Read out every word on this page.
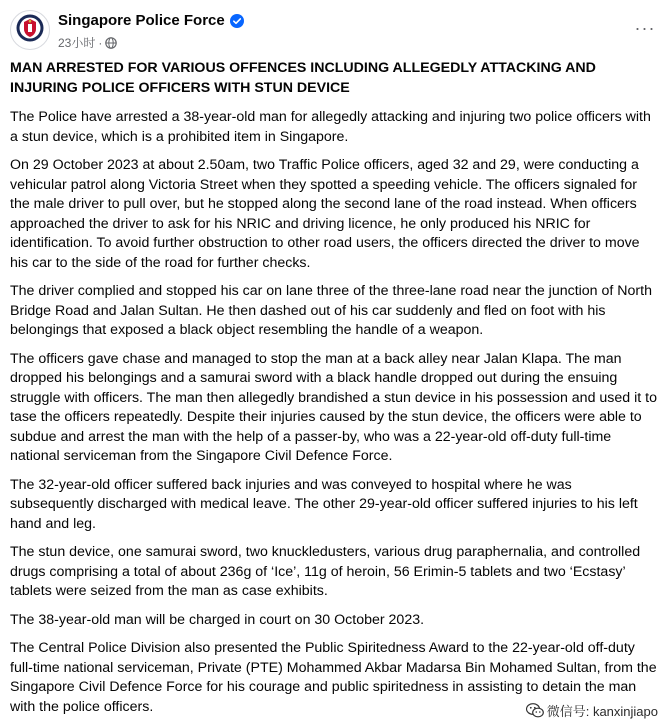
Singapore Police Force
23小时 ·
···
MAN ARRESTED FOR VARIOUS OFFENCES INCLUDING ALLEGEDLY ATTACKING AND INJURING POLICE OFFICERS WITH STUN DEVICE

The Police have arrested a 38-year-old man for allegedly attacking and injuring two police officers with a stun device, which is a prohibited item in Singapore.

On 29 October 2023 at about 2.50am, two Traffic Police officers, aged 32 and 29, were conducting a vehicular patrol along Victoria Street when they spotted a speeding vehicle. The officers signaled for the male driver to pull over, but he stopped along the second lane of the road instead. When officers approached the driver to ask for his NRIC and driving licence, he only produced his NRIC for identification. To avoid further obstruction to other road users, the officers directed the driver to move his car to the side of the road for further checks.

The driver complied and stopped his car on lane three of the three-lane road near the junction of North Bridge Road and Jalan Sultan. He then dashed out of his car suddenly and fled on foot with his belongings that exposed a black object resembling the handle of a weapon.

The officers gave chase and managed to stop the man at a back alley near Jalan Klapa. The man dropped his belongings and a samurai sword with a black handle dropped out during the ensuing struggle with officers. The man then allegedly brandished a stun device in his possession and used it to tase the officers repeatedly. Despite their injuries caused by the stun device, the officers were able to subdue and arrest the man with the help of a passer-by, who was a 22-year-old off-duty full-time national serviceman from the Singapore Civil Defence Force.

The 32-year-old officer suffered back injuries and was conveyed to hospital where he was subsequently discharged with medical leave. The other 29-year-old officer suffered injuries to his left hand and leg.

The stun device, one samurai sword, two knuckledusters, various drug paraphernalia, and controlled drugs comprising a total of about 236g of ‘Ice’, 11g of heroin, 56 Erimin-5 tablets and two ‘Ecstasy’ tablets were seized from the man as case exhibits.

The 38-year-old man will be charged in court on 30 October 2023.

The Central Police Division also presented the Public Spiritedness Award to the 22-year-old off-duty full-time national serviceman, Private (PTE) Mohammed Akbar Madarsa Bin Mohamed Sultan, from the Singapore Civil Defence Force for his courage and public spiritedness in assisting to detain the man with the police officers.	微信号: kanxinjiapo
